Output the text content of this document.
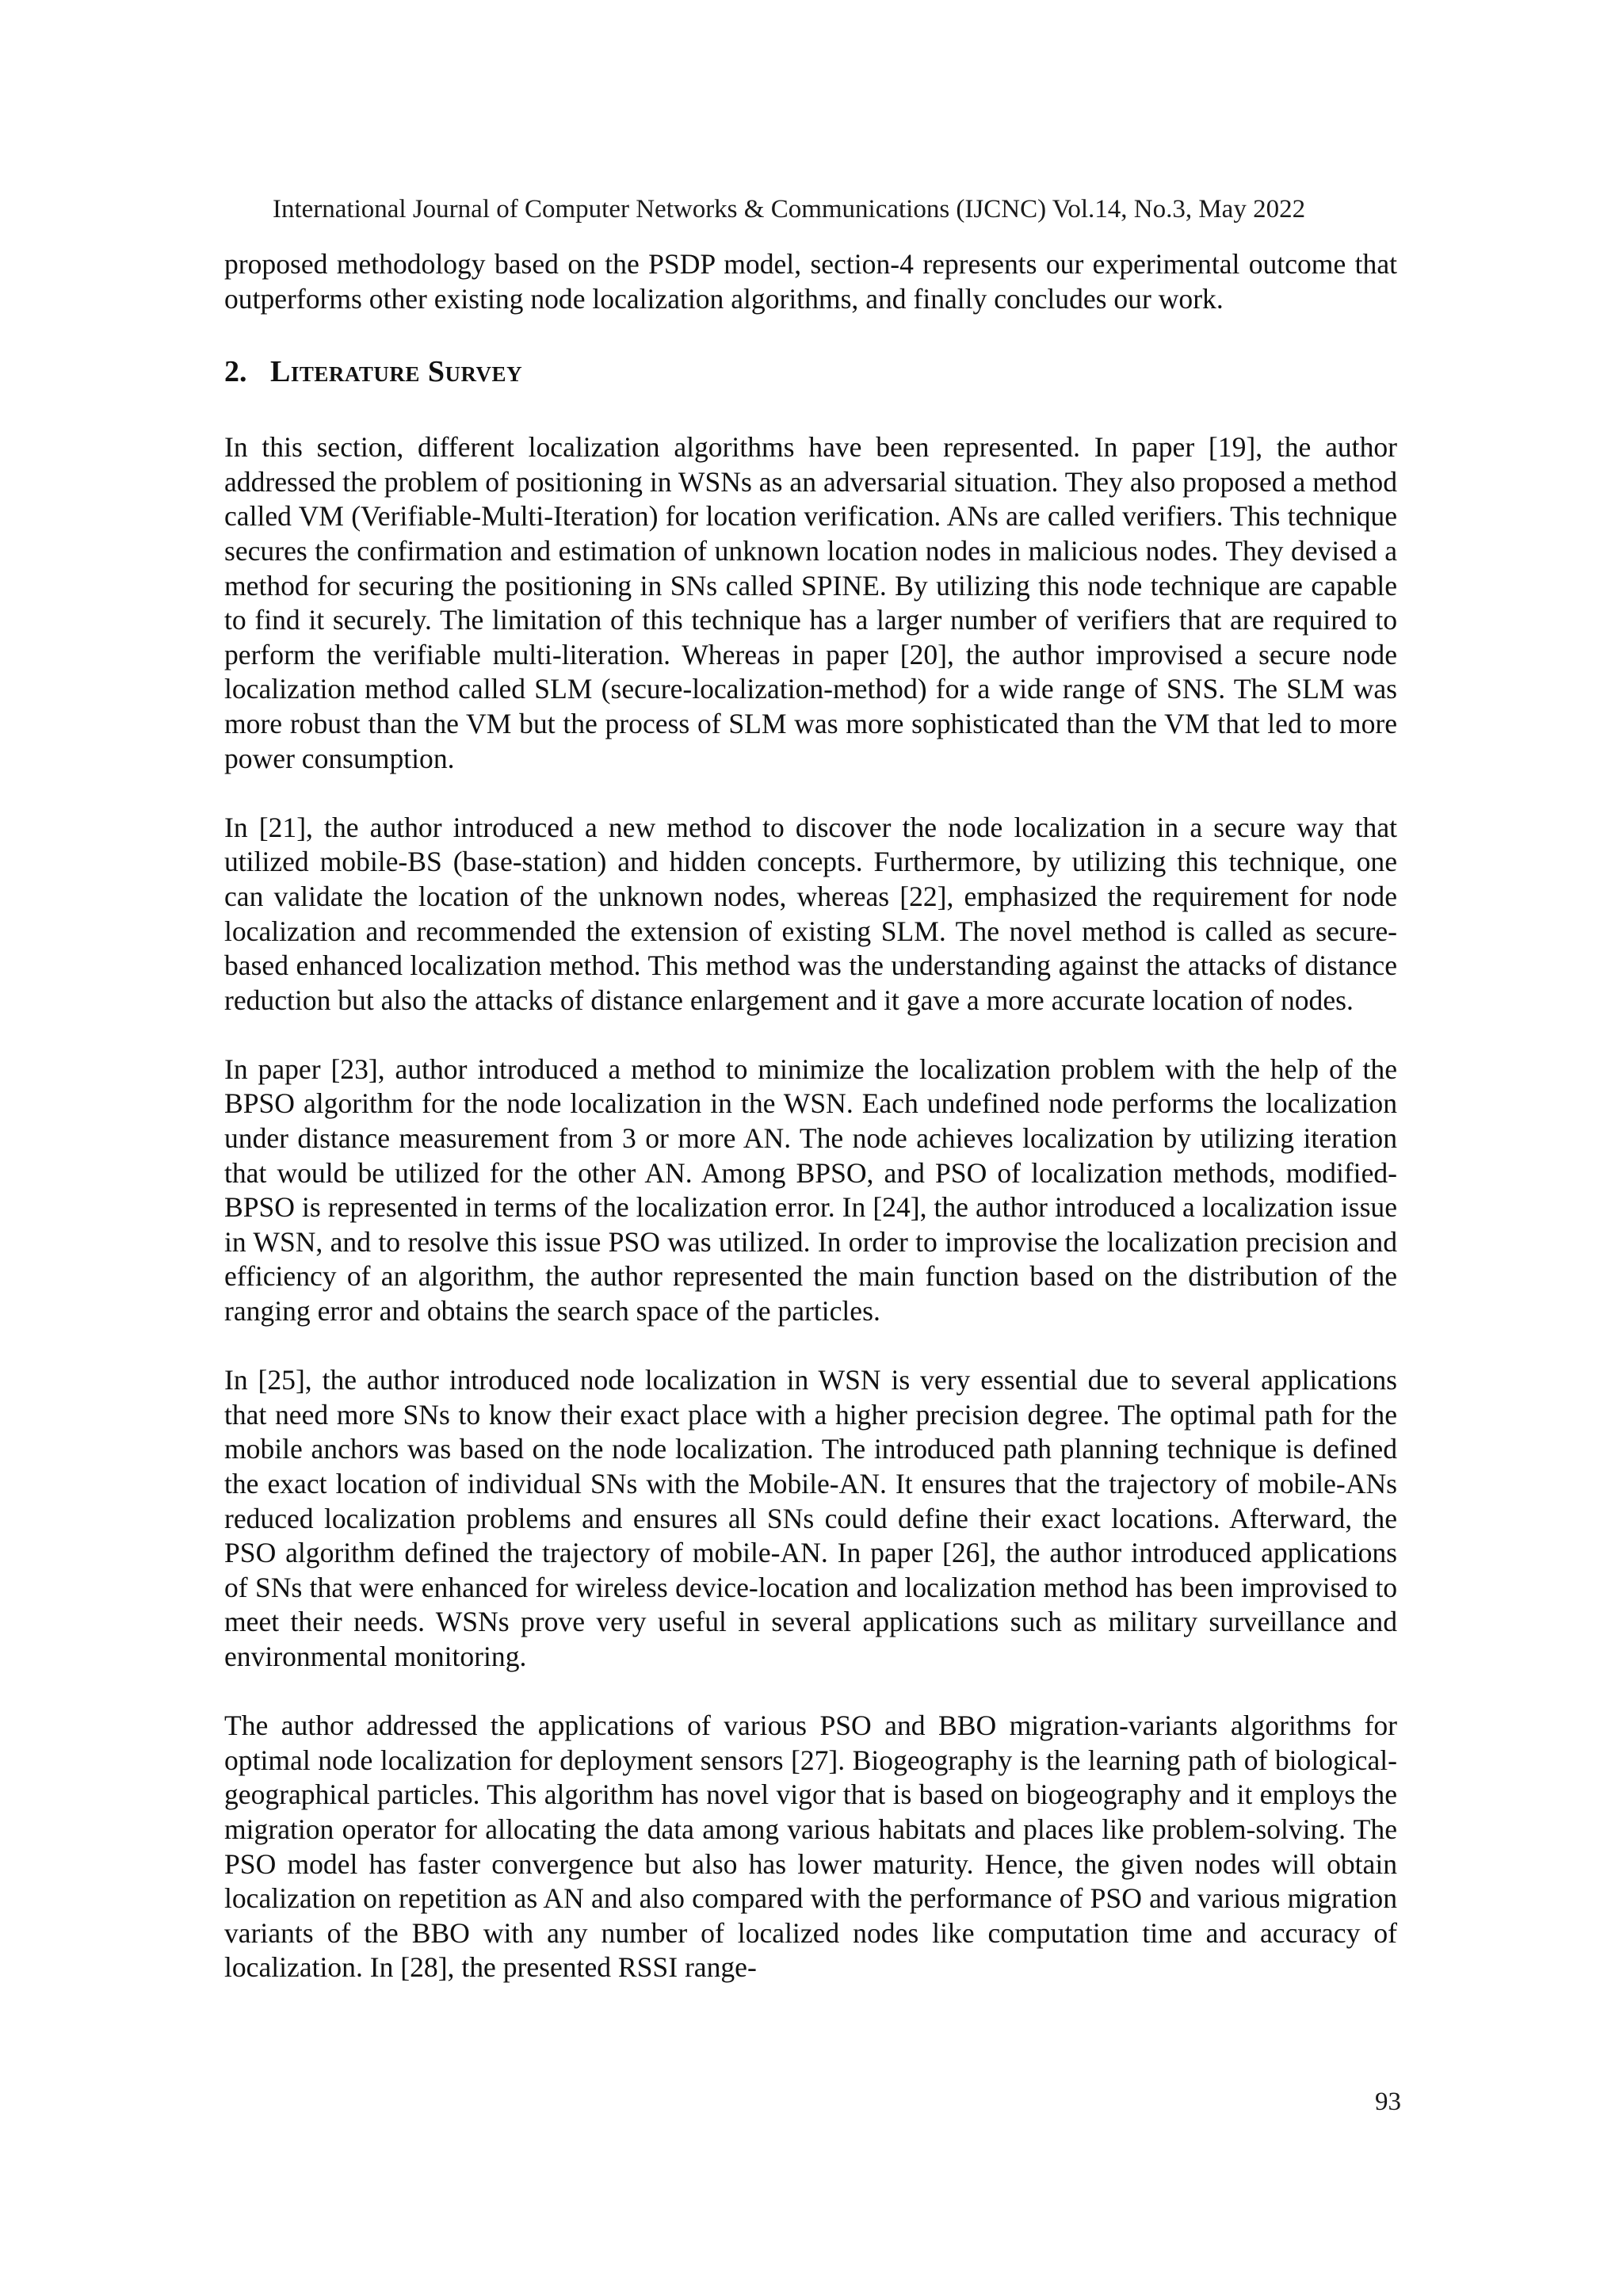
International Journal of Computer Networks & Communications (IJCNC) Vol.14, No.3, May 2022

proposed methodology based on the PSDP model, section-4 represents our experimental outcome that outperforms other existing node localization algorithms, and finally concludes our work.

2. Literature Survey

In this section, different localization algorithms have been represented. In paper [19], the author addressed the problem of positioning in WSNs as an adversarial situation. They also proposed a method called VM (Verifiable-Multi-Iteration) for location verification. ANs are called verifiers. This technique secures the confirmation and estimation of unknown location nodes in malicious nodes. They devised a method for securing the positioning in SNs called SPINE. By utilizing this node technique are capable to find it securely. The limitation of this technique has a larger number of verifiers that are required to perform the verifiable multi-literation. Whereas in paper [20], the author improvised a secure node localization method called SLM (secure-localization-method) for a wide range of SNS. The SLM was more robust than the VM but the process of SLM was more sophisticated than the VM that led to more power consumption.

In [21], the author introduced a new method to discover the node localization in a secure way that utilized mobile-BS (base-station) and hidden concepts. Furthermore, by utilizing this technique, one can validate the location of the unknown nodes, whereas [22], emphasized the requirement for node localization and recommended the extension of existing SLM. The novel method is called as secure-based enhanced localization method. This method was the understanding against the attacks of distance reduction but also the attacks of distance enlargement and it gave a more accurate location of nodes.

In paper [23], author introduced a method to minimize the localization problem with the help of the BPSO algorithm for the node localization in the WSN. Each undefined node performs the localization under distance measurement from 3 or more AN. The node achieves localization by utilizing iteration that would be utilized for the other AN. Among BPSO, and PSO of localization methods, modified-BPSO is represented in terms of the localization error. In [24], the author introduced a localization issue in WSN, and to resolve this issue PSO was utilized. In order to improvise the localization precision and efficiency of an algorithm, the author represented the main function based on the distribution of the ranging error and obtains the search space of the particles.

In [25], the author introduced node localization in WSN is very essential due to several applications that need more SNs to know their exact place with a higher precision degree. The optimal path for the mobile anchors was based on the node localization. The introduced path planning technique is defined the exact location of individual SNs with the Mobile-AN. It ensures that the trajectory of mobile-ANs reduced localization problems and ensures all SNs could define their exact locations. Afterward, the PSO algorithm defined the trajectory of mobile-AN. In paper [26], the author introduced applications of SNs that were enhanced for wireless device-location and localization method has been improvised to meet their needs. WSNs prove very useful in several applications such as military surveillance and environmental monitoring.

The author addressed the applications of various PSO and BBO migration-variants algorithms for optimal node localization for deployment sensors [27]. Biogeography is the learning path of biological-geographical particles. This algorithm has novel vigor that is based on biogeography and it employs the migration operator for allocating the data among various habitats and places like problem-solving. The PSO model has faster convergence but also has lower maturity. Hence, the given nodes will obtain localization on repetition as AN and also compared with the performance of PSO and various migration variants of the BBO with any number of localized nodes like computation time and accuracy of localization. In [28], the presented RSSI range-

93
